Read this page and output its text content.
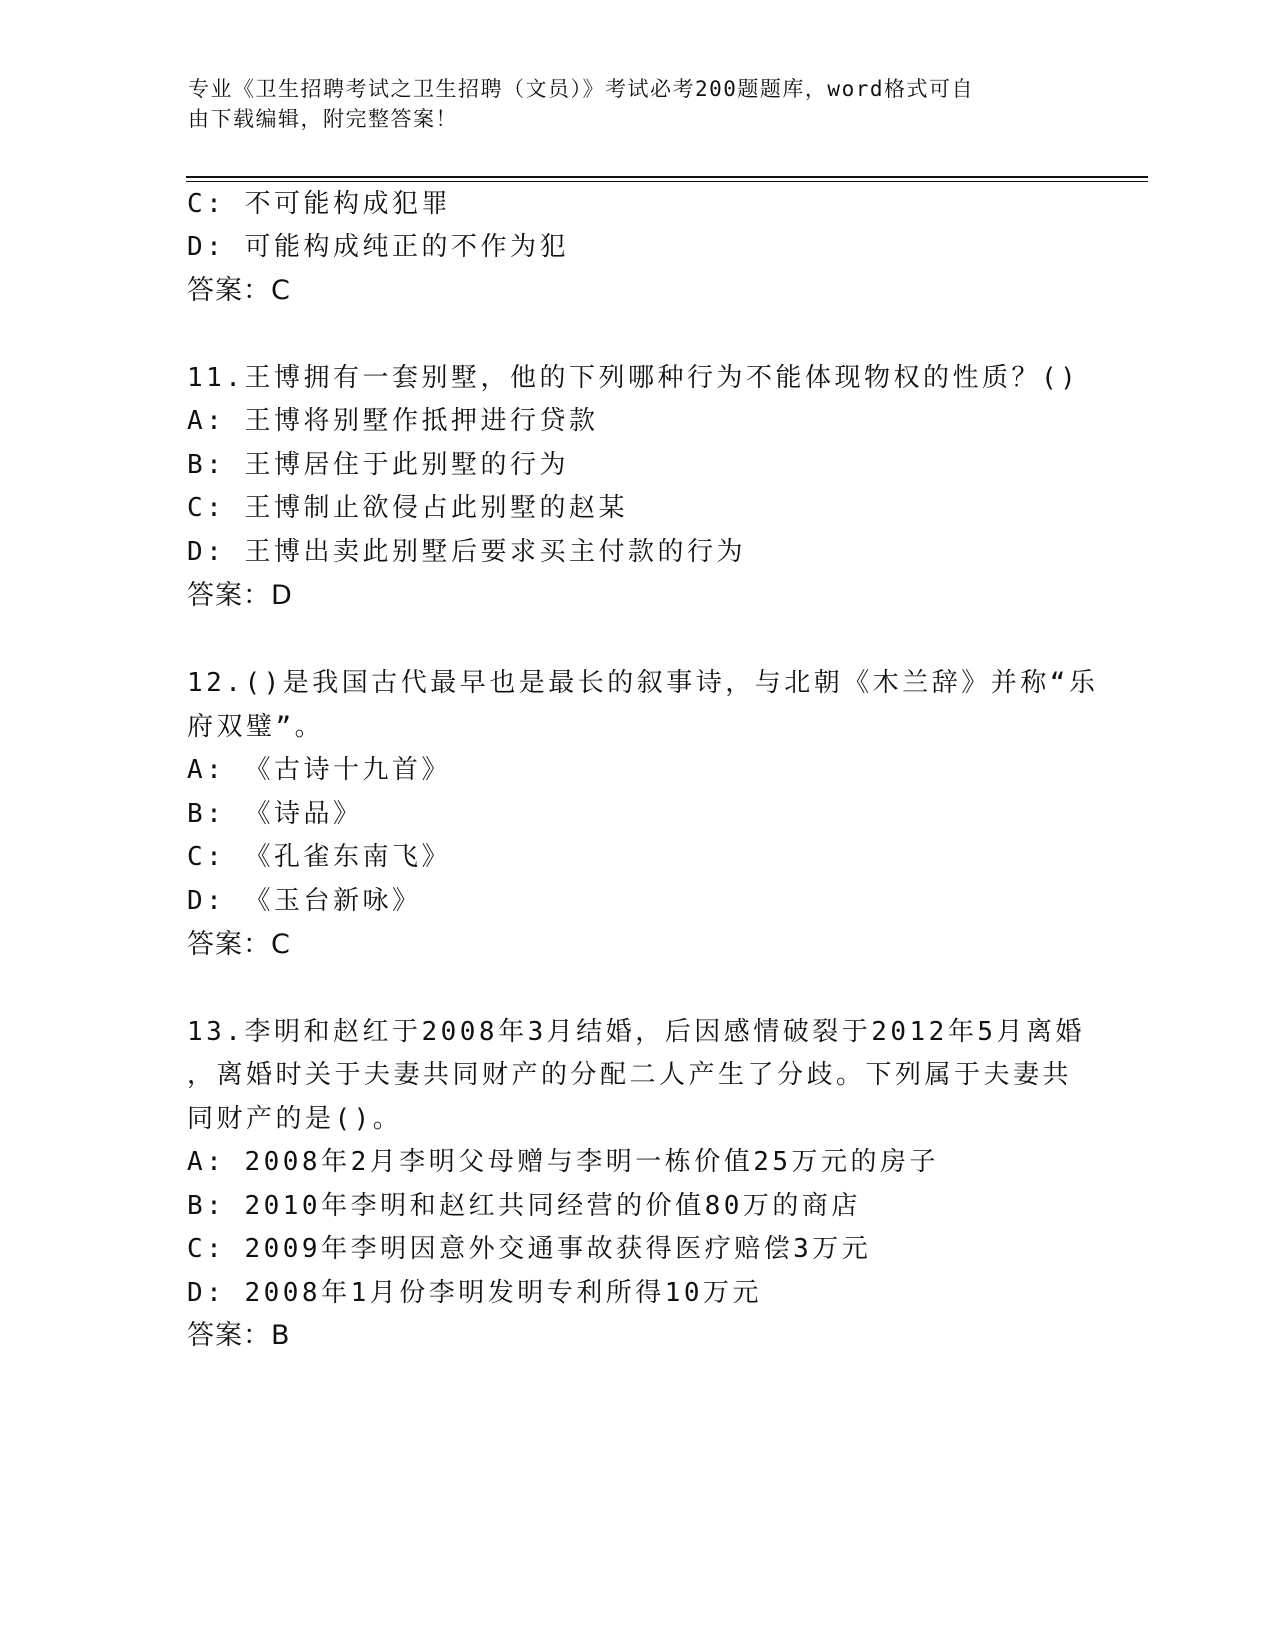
专业《卫生招聘考试之卫生招聘（文员）》考试必考200题题库，word格式可自
由下载编辑，附完整答案！
C: 不可能构成犯罪
D: 可能构成纯正的不作为犯
答案：C
11.王博拥有一套别墅，他的下列哪种行为不能体现物权的性质？()
A: 王博将别墅作抵押进行贷款
B: 王博居住于此别墅的行为
C: 王博制止欲侵占此别墅的赵某
D: 王博出卖此别墅后要求买主付款的行为
答案：D
12.()是我国古代最早也是最长的叙事诗，与北朝《木兰辞》并称“乐
府双璧”。
A: 《古诗十九首》
B: 《诗品》
C: 《孔雀东南飞》
D: 《玉台新咏》
答案：C
13.李明和赵红于2008年3月结婚，后因感情破裂于2012年5月离婚
，离婚时关于夫妻共同财产的分配二人产生了分歧。下列属于夫妻共
同财产的是()。
A: 2008年2月李明父母赠与李明一栋价值25万元的房子
B: 2010年李明和赵红共同经营的价值80万的商店
C: 2009年李明因意外交通事故获得医疗赔偿3万元
D: 2008年1月份李明发明专利所得10万元
答案：B
